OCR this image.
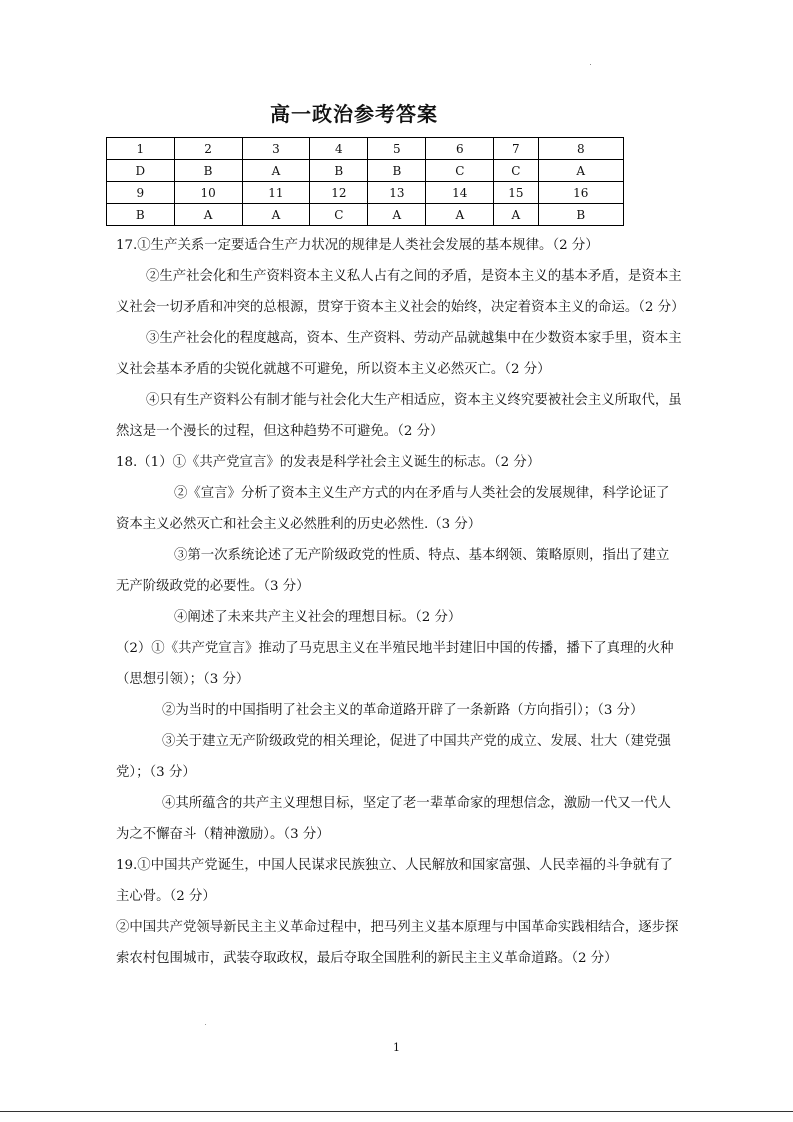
高一政治参考答案
1	2	3	4	5	6	7	8
D	B	A	B	B	C	C	A
9	10	11	12	13	14	15	16
B	A	A	C	A	A	A	B

17.①生产关系一定要适合生产力状况的规律是人类社会发展的基本规律。（2 分）

②生产社会化和生产资料资本主义私人占有之间的矛盾，是资本主义的基本矛盾，是资本主义社会一切矛盾和冲突的总根源，贯穿于资本主义社会的始终，决定着资本主义的命运。（2 分）

③生产社会化的程度越高，资本、生产资料、劳动产品就越集中在少数资本家手里，资本主义社会基本矛盾的尖锐化就越不可避免，所以资本主义必然灭亡。（2 分）

④只有生产资料公有制才能与社会化大生产相适应，资本主义终究要被社会主义所取代，虽然这是一个漫长的过程，但这种趋势不可避免。（2 分）

18.（1）①《共产党宣言》的发表是科学社会主义诞生的标志。（2 分）

②《宣言》分析了资本主义生产方式的内在矛盾与人类社会的发展规律，科学论证了资本主义必然灭亡和社会主义必然胜利的历史必然性.（3 分）

③第一次系统论述了无产阶级政党的性质、特点、基本纲领、策略原则，指出了建立无产阶级政党的必要性。（3 分）

④阐述了未来共产主义社会的理想目标。（2 分）

（2）①《共产党宣言》推动了马克思主义在半殖民地半封建旧中国的传播，播下了真理的火种（思想引领）；（3 分）

②为当时的中国指明了社会主义的革命道路开辟了一条新路（方向指引）；（3 分）

③关于建立无产阶级政党的相关理论，促进了中国共产党的成立、发展、壮大（建党强党）；（3 分）

④其所蕴含的共产主义理想目标，坚定了老一辈革命家的理想信念，激励一代又一代人为之不懈奋斗（精神激励）。（3 分）

19.①中国共产党诞生，中国人民谋求民族独立、人民解放和国家富强、人民幸福的斗争就有了主心骨。（2 分）

②中国共产党领导新民主主义革命过程中，把马列主义基本原理与中国革命实践相结合，逐步探索农村包围城市，武装夺取政权，最后夺取全国胜利的新民主主义革命道路。（2 分）

1
